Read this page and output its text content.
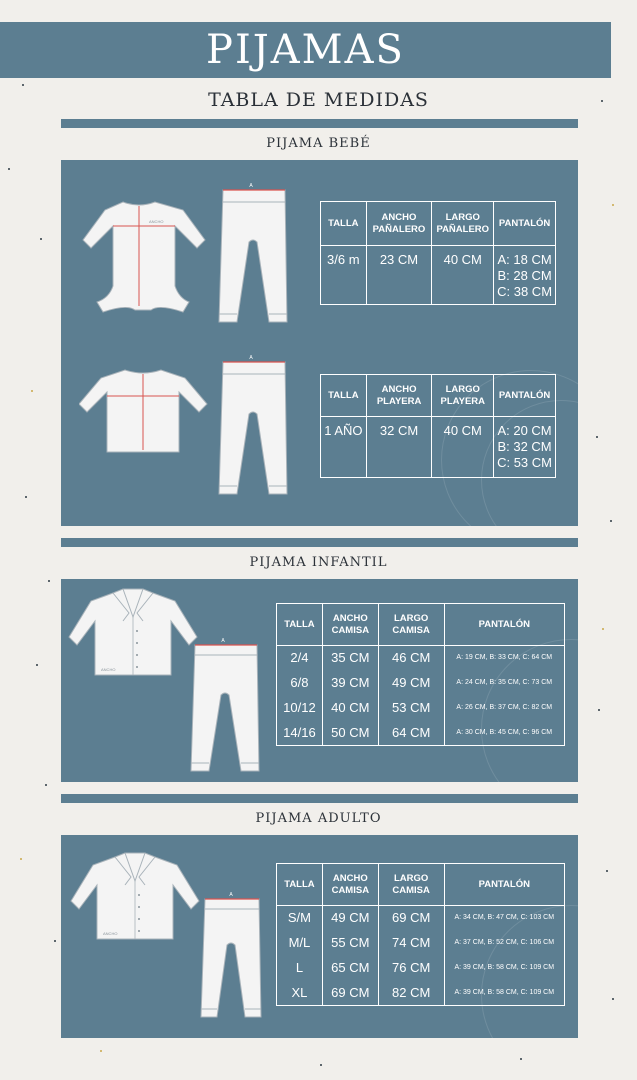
PIJAMAS
TABLA DE MEDIDAS
PIJAMA BEBÉ
ANCHO
A
TALLA	ANCHO PAÑALERO	LARGO PAÑALERO	PANTALÓN
3/6 m	23 CM	40 CM	A: 18 CM
B: 28 CM
C: 38 CM
A
TALLA	ANCHO PLAYERA	LARGO PLAYERA	PANTALÓN
1 AÑO	32 CM	40 CM	A: 20 CM
B: 32 CM
C: 53 CM
PIJAMA INFANTIL
ANCHO
A
TALLA	ANCHO CAMISA	LARGO CAMISA	PANTALÓN
2/4	35 CM	46 CM	A: 19 CM, B: 33 CM, C: 64 CM
6/8	39 CM	49 CM	A: 24 CM, B: 35 CM, C: 73 CM
10/12	40 CM	53 CM	A: 26 CM, B: 37 CM, C: 82 CM
14/16	50 CM	64 CM	A: 30 CM, B: 45 CM, C: 96 CM
PIJAMA ADULTO
ANCHO
A
TALLA	ANCHO CAMISA	LARGO CAMISA	PANTALÓN
S/M	49 CM	69 CM	A: 34 CM, B: 47 CM, C: 103 CM
M/L	55 CM	74 CM	A: 37 CM, B: 52 CM, C: 106 CM
L	65 CM	76 CM	A: 39 CM, B: 58 CM, C: 109 CM
XL	69 CM	82 CM	A: 39 CM, B: 58 CM, C: 109 CM
